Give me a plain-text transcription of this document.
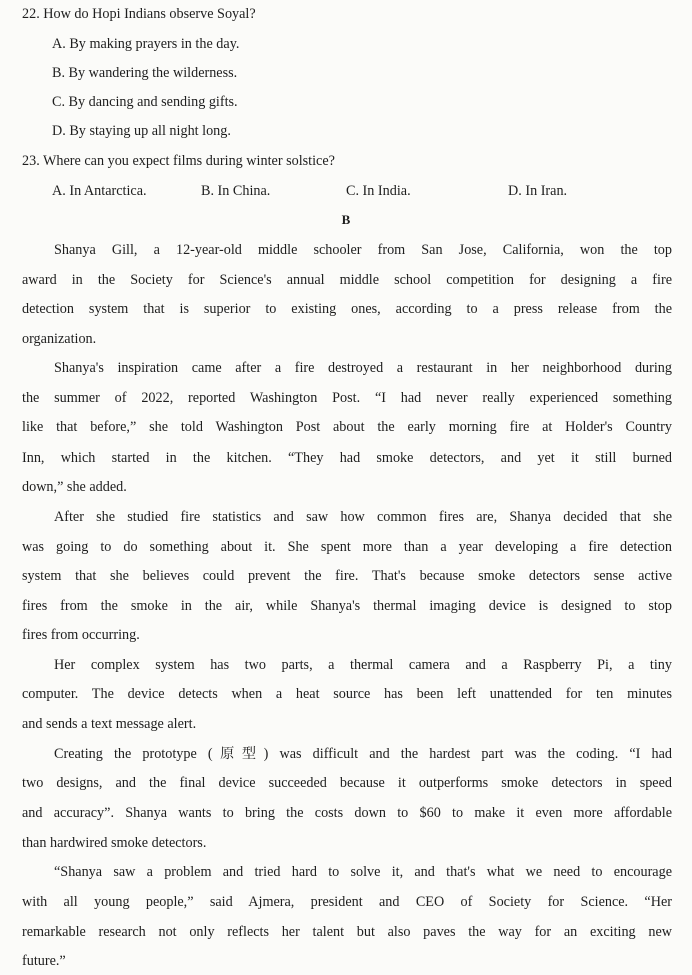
22. How do Hopi Indians observe Soyal?
A. By making prayers in the day.
B. By wandering the wilderness.
C. By dancing and sending gifts.
D. By staying up all night long.
23. Where can you expect films during winter solstice?
A. In Antarctica.	B. In China.	C. In India.	D. In Iran.
B
Shanya Gill, a 12-year-old middle schooler from San Jose, California, won the top
award in the Society for Science's annual middle school competition for designing a fire
detection system that is superior to existing ones, according to a press release from the
organization.
Shanya's inspiration came after a fire destroyed a restaurant in her neighborhood during
the summer of 2022, reported Washington Post. “I had never really experienced something
like that before,” she told Washington Post about the early morning fire at Holder's Country
Inn, which started in the kitchen. “They had smoke detectors, and yet it still burned
down,” she added.
After she studied fire statistics and saw how common fires are, Shanya decided that she
was going to do something about it. She spent more than a year developing a fire detection
system that she believes could prevent the fire. That's because smoke detectors sense active
fires from the smoke in the air, while Shanya's thermal imaging device is designed to stop
fires from occurring.
Her complex system has two parts, a thermal camera and a Raspberry Pi, a tiny
computer. The device detects when a heat source has been left unattended for ten minutes
and sends a text message alert.
Creating the prototype (原型) was difficult and the hardest part was the coding. “I had
two designs, and the final device succeeded because it outperforms smoke detectors in speed
and accuracy”. Shanya wants to bring the costs down to $60 to make it even more affordable
than hardwired smoke detectors.
“Shanya saw a problem and tried hard to solve it, and that's what we need to encourage
with all young people,” said Ajmera, president and CEO of Society for Science. “Her
remarkable research not only reflects her talent but also paves the way for an exciting new
future.”
